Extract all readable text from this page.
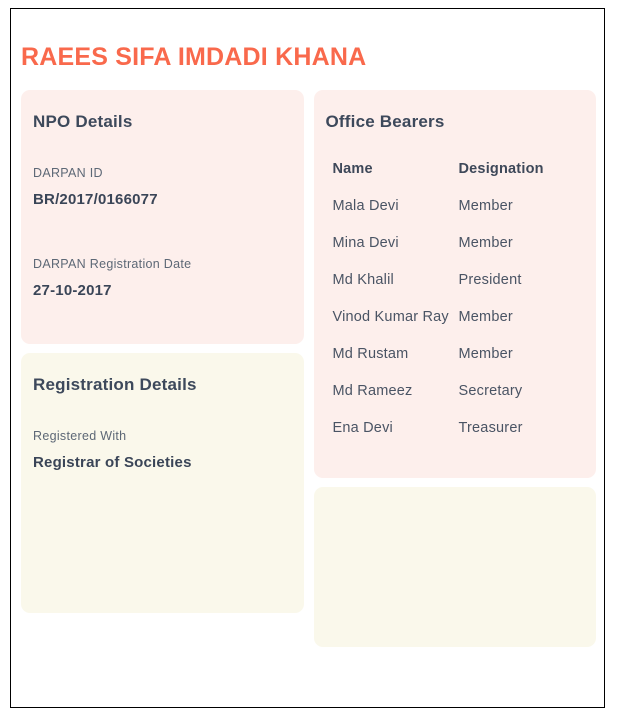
RAEES SIFA IMDADI KHANA
NPO Details
DARPAN ID
BR/2017/0166077
DARPAN Registration Date
27-10-2017
Registration Details
Registered With
Registrar of Societies
Office Bearers
Name	Designation
Mala Devi	Member
Mina Devi	Member
Md Khalil	President
Vinod Kumar Ray	Member
Md Rustam	Member
Md Rameez	Secretary
Ena Devi	Treasurer
